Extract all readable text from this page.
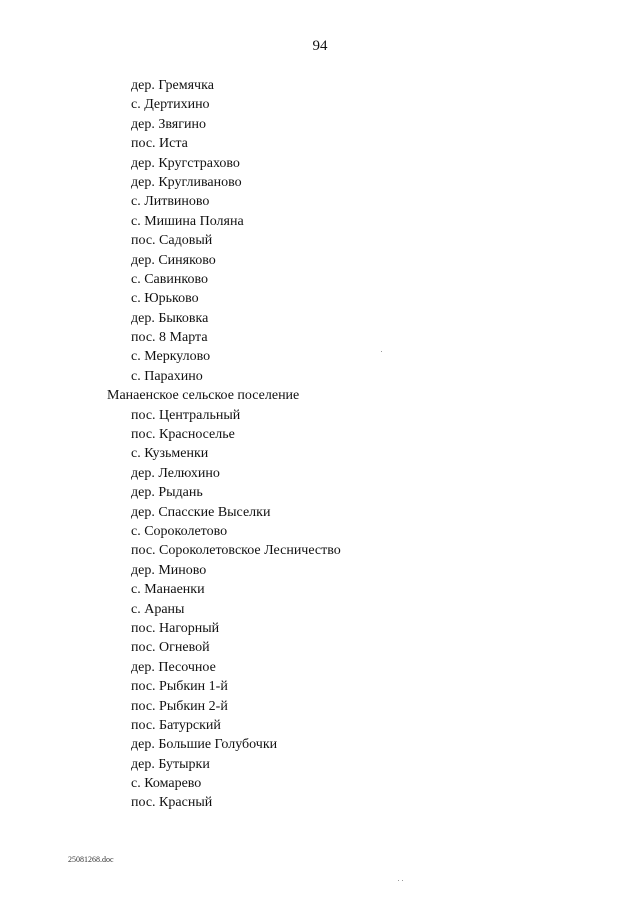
94
дер. Гремячка
с. Дертихино
дер. Звягино
пос. Иста
дер. Кругстрахово
дер. Кругливаново
с. Литвиново
с. Мишина Поляна
пос. Садовый
дер. Синяково
с. Савинково
с. Юрьково
дер. Быковка
пос. 8 Марта
с. Меркулово
с. Парахино
Манаенское сельское поселение
пос. Центральный
пос. Красноселье
с. Кузьменки
дер. Лелюхино
дер. Рыдань
дер. Спасские Выселки
с. Сороколетово
пос. Сороколетовское Лесничество
дер. Миново
с. Манаенки
с. Араны
пос. Нагорный
пос. Огневой
дер. Песочное
пос. Рыбкин 1-й
пос. Рыбкин 2-й
пос. Батурский
дер. Большие Голубочки
дер. Бутырки
с. Комарево
пос. Красный
25081268.doc
